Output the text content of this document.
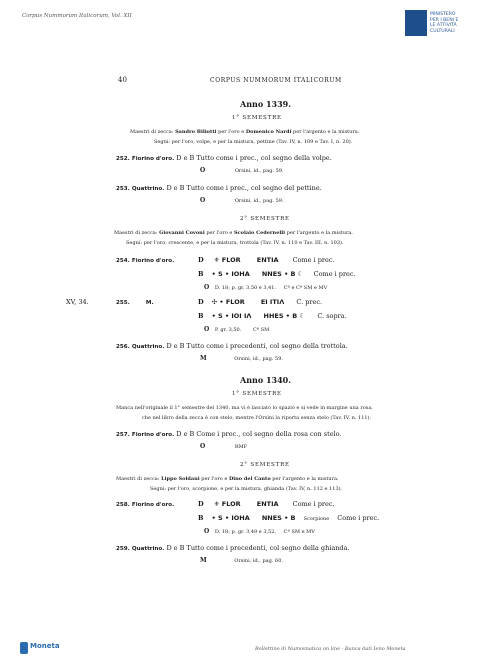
Corpus Nummorum Italicorum, Vol. XII	MINISTERO
PER I BENI E
LE ATTIVITÀ
CULTURALI
40	CORPUS NUMMORUM ITALICORUM
Anno 1339.
1° SEMESTRE
Maestri di zecca: Sandro Biliotti per l'oro e Domenico Nardi per l'argento e la mistura.
Segni: per l'oro, volpe, e per la mistura, pettine (Tav. IV, n. 109 e Tav. I, n. 20).
252. Fiorino d'oro. D e B Tutto come i prec., col segno della volpe.
O	Orsini, id., pag. 59.
253. Quattrino. D e B Tutto come i prec., col segno del pettine.
O	Orsini, id., pag. 59.
2° SEMESTRE
Maestri di zecca: Giovanni Covoni per l'oro e Scolaio Cedernelli per l'argento e la mistura.
Segni: per l'oro, crescente, e per la mistura, trottola (Tav. IV, n. 110 e Tav. III, n. 103).
254. Fiorino d'oro.	D ⚜ FLOR ENTIA Come i prec.
B • S • IOHA NNES • B ☾ Come i prec.
O D. 18; p. gr. 3,50 e 3,41. Cª e Cª SM e MV
XV, 34.	255.	M.	D ✣ • FLOR EI ITIΛ C. prec.
B • S • IOI IΛ HHES • B ☾ C. sopra.
O P. gr. 3,50. Cª SM
256. Quattrino. D e B Tutto come i precedenti, col segno della trottola.
M	Orsini, id., pag. 59.
Anno 1340.
1° SEMESTRE
Manca nell'originale il 1° semestre del 1340, ma vi è lasciato lo spazio e si vede in margine una rosa,
che nel libro della zecca è con stelo, mentre l'Orsini la riporta senza stelo (Tav. IV, n. 111).
257. Fiorino d'oro. D e B Come i prec., col segno della rosa con stelo.
O	RMF
2° SEMESTRE
Maestri di zecca: Lippo Soldani per l'oro e Dino del Canto per l'argento e la mistura.
Segni: per l'oro, scorpione, e per la mistura, ghianda (Tav. IV, n. 112 e 113).
258. Fiorino d'oro.	D ⚜ FLOR ENTIA Come i prec.
B • S • IOHA NNES • B Scorpione Come i prec.
O D. 18; p. gr. 3,49 e 3,52. Cª SM e MV
259. Quattrino. D e B Tutto come i precedenti, col segno della ghianda.
M	Orsini, id., pag. 60.
Moneta	Bollettino di Numismatica on line - Banca dati Ieno Moneta
